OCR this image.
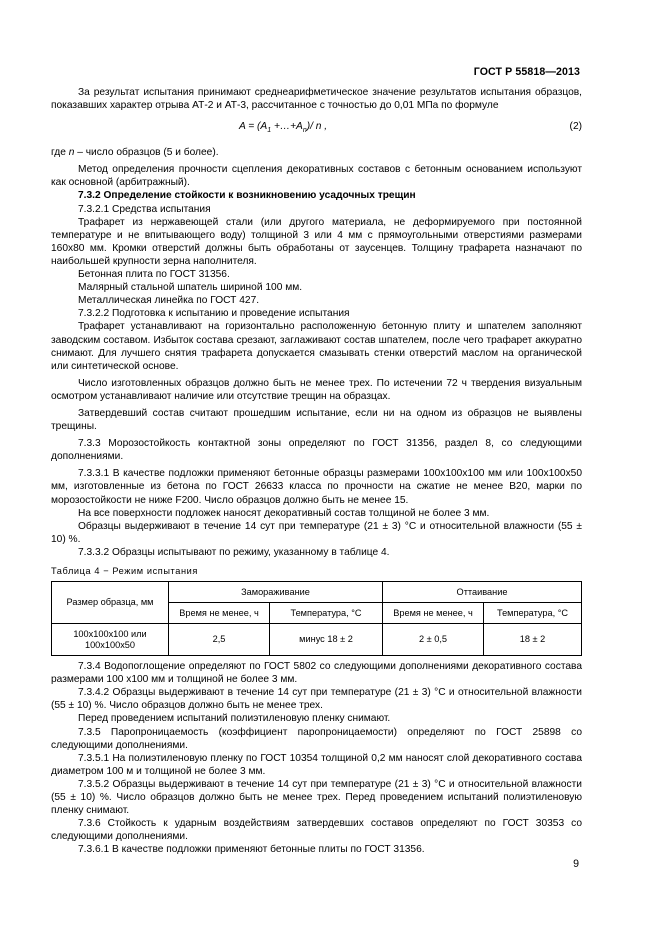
ГОСТ Р 55818—2013

За результат испытания принимают среднеарифметическое значение результатов испытания образцов, показавших характер отрыва АТ-2 и АТ-3, рассчитанное с точностью до 0,01 МПа по формуле

$A = (A_1$ $+\dots+A_n)/$ n ,	(2)

где n – число образцов (5 и более).

Метод определения прочности сцепления декоративных составов с бетонным основанием используют как основной (арбитражный).

7.3.2 Определение стойкости к возникновению усадочных трещин

7.3.2.1 Средства испытания

Трафарет из нержавеющей стали (или другого материала, не деформируемого при постоянной температуре и не впитывающего воду) толщиной 3 или 4 мм с прямоугольными отверстиями размерами 160х80 мм. Кромки отверстий должны быть обработаны от заусенцев. Толщину трафарета назначают по наибольшей крупности зерна наполнителя.

Бетонная плита по ГОСТ 31356.

Малярный стальной шпатель шириной 100 мм.

Металлическая линейка по ГОСТ 427.

7.3.2.2 Подготовка к испытанию и проведение испытания

Трафарет устанавливают на горизонтально расположенную бетонную плиту и шпателем заполняют заводским составом. Избыток состава срезают, заглаживают состав шпателем, после чего трафарет аккуратно снимают. Для лучшего снятия трафарета допускается смазывать стенки отверстий маслом на органической или синтетической основе.

Число изготовленных образцов должно быть не менее трех. По истечении 72 ч твердения визуальным осмотром устанавливают наличие или отсутствие трещин на образцах.

Затвердевший состав считают прошедшим испытание, если ни на одном из образцов не выявлены трещины.

7.3.3 Морозостойкость контактной зоны определяют по ГОСТ 31356, раздел 8, со следующими дополнениями.

7.3.3.1 В качестве подложки применяют бетонные образцы размерами 100х100х100 мм или 100х100х50 мм, изготовленные из бетона по ГОСТ 26633 класса по прочности на сжатие не менее В20, марки по морозостойкости не ниже F200. Число образцов должно быть не менее 15.

На все поверхности подложек наносят декоративный состав толщиной не более 3 мм.

Образцы выдерживают в течение 14 сут при температуре (21 ± 3) °С и относительной влажности (55 ± 10) %.

7.3.3.2 Образцы испытывают по режиму, указанному в таблице 4.

Таблица 4 − Режим испытания
Размер образца, мм	Замораживание		Оттаивание	
	Время не менее, ч	Температура, °С	Время не менее, ч	Температура, °С
100х100х100 или
100х100х50	2,5	минус 18 ± 2	2 ± 0,5	18 ± 2

7.3.4 Водопоглощение определяют по ГОСТ 5802 со следующими дополнениями декоративного состава размерами 100 х100 мм и толщиной не более 3 мм.

7.3.4.2 Образцы выдерживают в течение 14 сут при температуре (21 ± 3) °С и относительной влажности (55 ± 10) %. Число образцов должно быть не менее трех.

Перед проведением испытаний полиэтиленовую пленку снимают.

7.3.5 Паропроницаемость (коэффициент паропроницаемости) определяют по ГОСТ 25898 со следующими дополнениями.

7.3.5.1 На полиэтиленовую пленку по ГОСТ 10354 толщиной 0,2 мм наносят слой декоративного состава диаметром 100 м и толщиной не более 3 мм.

7.3.5.2 Образцы выдерживают в течение 14 сут при температуре (21 ± 3) °С и относительной влажности (55 ± 10) %. Число образцов должно быть не менее трех. Перед проведением испытаний полиэтиленовую пленку снимают.

7.3.6 Стойкость к ударным воздействиям затвердевших составов определяют по ГОСТ 30353 со следующими дополнениями.

7.3.6.1 В качестве подложки применяют бетонные плиты по ГОСТ 31356.

9
